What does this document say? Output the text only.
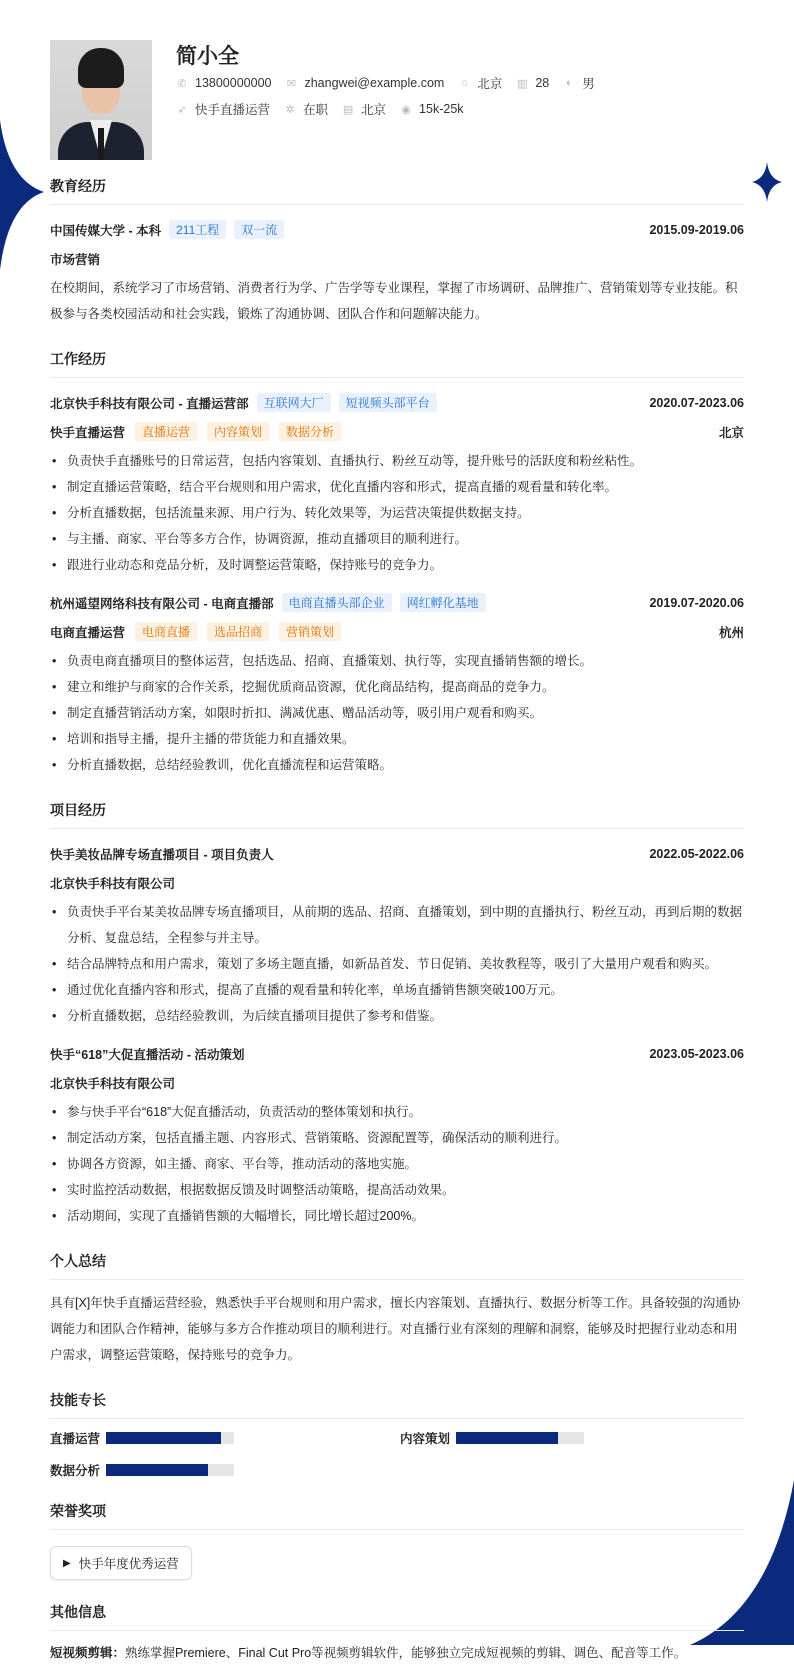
简小全
✆ 13800000000 ✉ zhangwei@example.com ⌂ 北京 ▥ 28 ◐ 男
➶ 快手直播运营 ✲ 在职 ▤ 北京 ◉ 15k-25k
教育经历
中国传媒大学 - 本科	211工程	双一流	2015.09-2019.06
市场营销
在校期间，系统学习了市场营销、消费者行为学、广告学等专业课程，掌握了市场调研、品牌推广、营销策划等专业技能。积极参与各类校园活动和社会实践，锻炼了沟通协调、团队合作和问题解决能力。
工作经历
北京快手科技有限公司 - 直播运营部	互联网大厂	短视频头部平台	2020.07-2023.06
快手直播运营	直播运营	内容策划	数据分析	北京
• 负责快手直播账号的日常运营，包括内容策划、直播执行、粉丝互动等，提升账号的活跃度和粉丝粘性。
• 制定直播运营策略，结合平台规则和用户需求，优化直播内容和形式，提高直播的观看量和转化率。
• 分析直播数据，包括流量来源、用户行为、转化效果等，为运营决策提供数据支持。
• 与主播、商家、平台等多方合作，协调资源，推动直播项目的顺利进行。
• 跟进行业动态和竞品分析，及时调整运营策略，保持账号的竞争力。
杭州遥望网络科技有限公司 - 电商直播部	电商直播头部企业	网红孵化基地	2019.07-2020.06
电商直播运营	电商直播	选品招商	营销策划	杭州
• 负责电商直播项目的整体运营，包括选品、招商、直播策划、执行等，实现直播销售额的增长。
• 建立和维护与商家的合作关系，挖掘优质商品资源，优化商品结构，提高商品的竞争力。
• 制定直播营销活动方案，如限时折扣、满减优惠、赠品活动等，吸引用户观看和购买。
• 培训和指导主播，提升主播的带货能力和直播效果。
• 分析直播数据，总结经验教训，优化直播流程和运营策略。
项目经历
快手美妆品牌专场直播项目 - 项目负责人	2022.05-2022.06
北京快手科技有限公司
• 负责快手平台某美妆品牌专场直播项目，从前期的选品、招商、直播策划，到中期的直播执行、粉丝互动，再到后期的数据分析、复盘总结，全程参与并主导。
• 结合品牌特点和用户需求，策划了多场主题直播，如新品首发、节日促销、美妆教程等，吸引了大量用户观看和购买。
• 通过优化直播内容和形式，提高了直播的观看量和转化率，单场直播销售额突破100万元。
• 分析直播数据，总结经验教训，为后续直播项目提供了参考和借鉴。
快手“618”大促直播活动 - 活动策划	2023.05-2023.06
北京快手科技有限公司
• 参与快手平台“618”大促直播活动，负责活动的整体策划和执行。
• 制定活动方案，包括直播主题、内容形式、营销策略、资源配置等，确保活动的顺利进行。
• 协调各方资源，如主播、商家、平台等，推动活动的落地实施。
• 实时监控活动数据，根据数据反馈及时调整活动策略，提高活动效果。
• 活动期间，实现了直播销售额的大幅增长，同比增长超过200%。
个人总结
具有[X]年快手直播运营经验，熟悉快手平台规则和用户需求，擅长内容策划、直播执行、数据分析等工作。具备较强的沟通协调能力和团队合作精神，能够与多方合作推动项目的顺利进行。对直播行业有深刻的理解和洞察，能够及时把握行业动态和用户需求，调整运营策略，保持账号的竞争力。
技能专长
直播运营	内容策划
数据分析
荣誉奖项
▶ 快手年度优秀运营
其他信息
短视频剪辑：熟练掌握Premiere、Final Cut Pro等视频剪辑软件，能够独立完成短视频的剪辑、调色、配音等工作。
